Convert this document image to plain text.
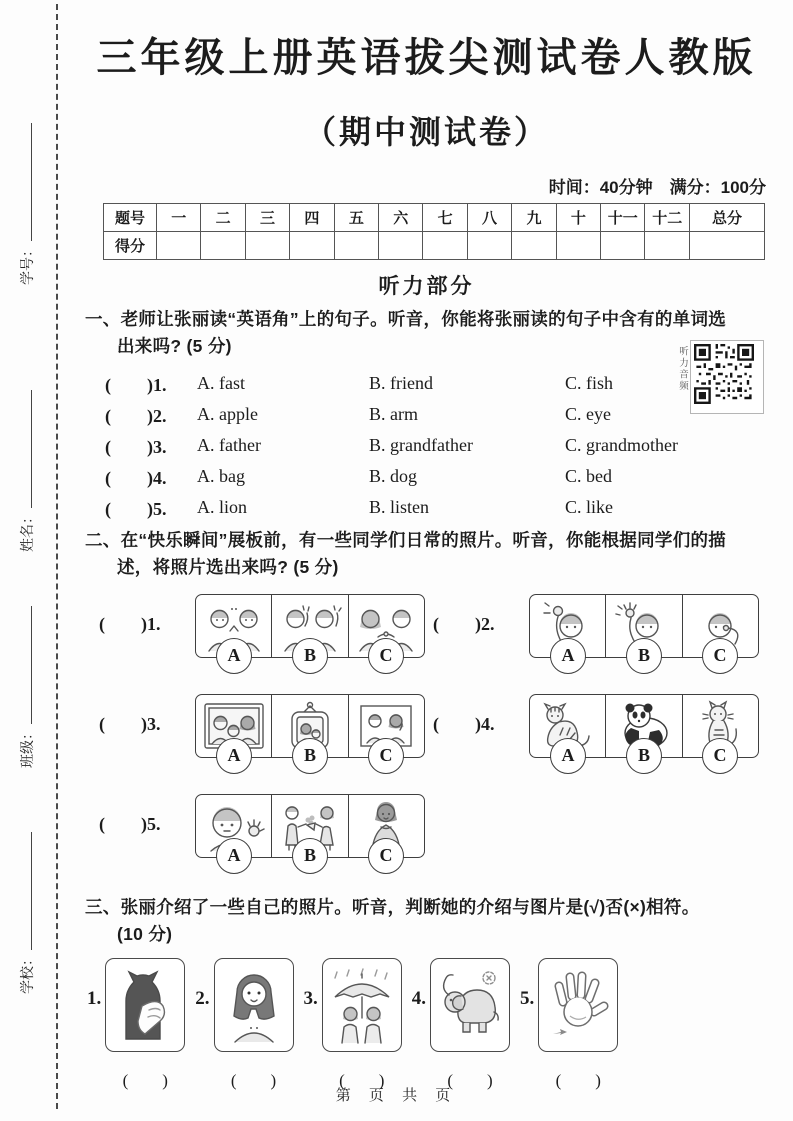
学号：
姓名：
班级：
学校：
三年级上册英语拔尖测试卷人教版
（期中测试卷）
时间：40分钟　满分：100分
题号	一	二	三	四	五	六	七	八	九	十	十一	十二	总分
得分													
听力部分
一、老师让张丽读“英语角”上的句子。听音，你能将张丽读的句子中含有的单词选
出来吗? (5 分)	听力音频
(　　)1.	A. fast	B. friend	C. fish
(　　)2.	A. apple	B. arm	C. eye
(　　)3.	A. father	B. grandfather	C. grandmother
(　　)4.	A. bag	B. dog	C. bed
(　　)5.	A. lion	B. listen	C. like
二、在“快乐瞬间”展板前，有一些同学们日常的照片。听音，你能根据同学们的描
述，将照片选出来吗? (5 分)
(　　)1.
A	B	C
(　　)2.
A	B	C
(　　)3.
A	B	C
(　　)4.
A	B	C
(　　)5.
A	B	C
三、张丽介绍了一些自己的照片。听音，判断她的介绍与图片是(√)否(×)相符。
(10 分)
1.
(　　)
2.
(　　)
3.
(　　)
4.
(　　)
5.
(　　)
第 页 共 页
